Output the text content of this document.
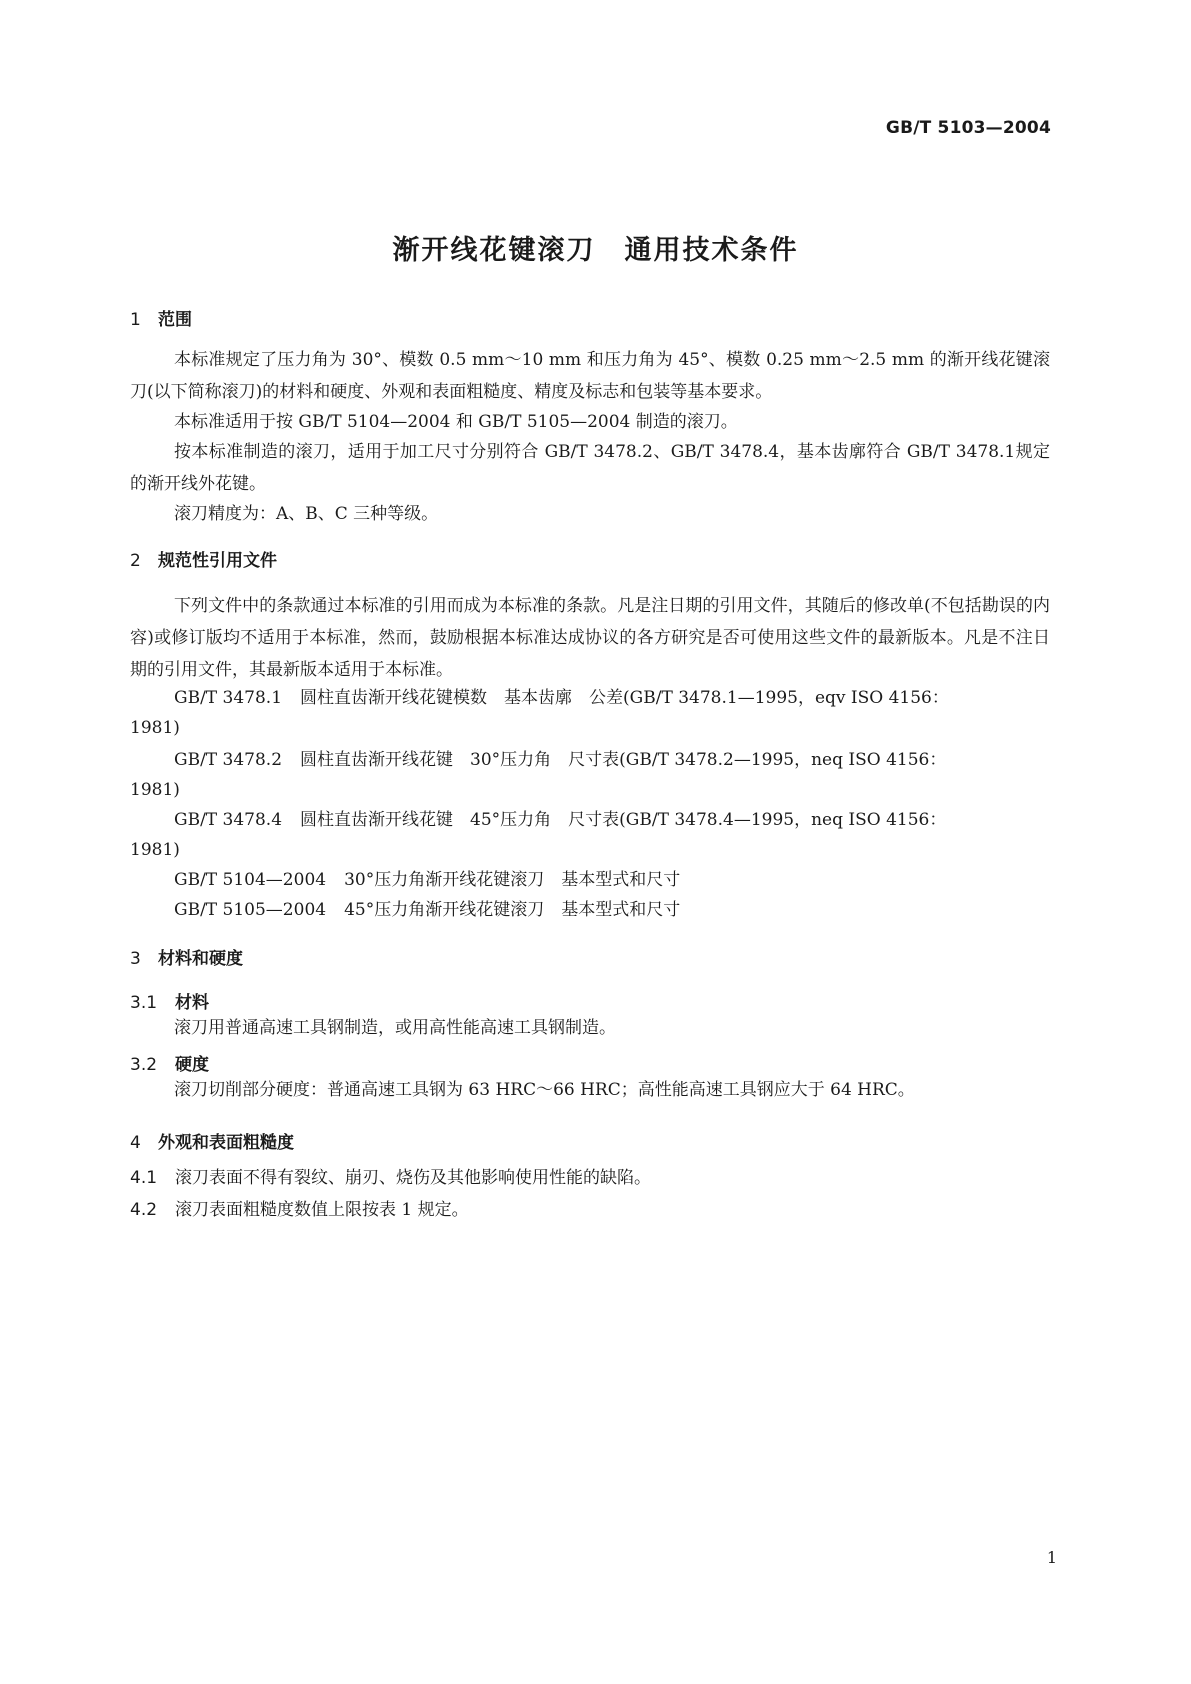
GB/T 5103—2004
渐开线花键滚刀　通用技术条件
1 范围

本标准规定了压力角为 30°、模数 0.5 mm～10 mm 和压力角为 45°、模数 0.25 mm～2.5 mm 的渐开线花键滚刀(以下简称滚刀)的材料和硬度、外观和表面粗糙度、精度及标志和包装等基本要求。

本标准适用于按 GB/T 5104—2004 和 GB/T 5105—2004 制造的滚刀。

按本标准制造的滚刀，适用于加工尺寸分别符合 GB/T 3478.2、GB/T 3478.4，基本齿廓符合 GB/T 3478.1规定的渐开线外花键。

滚刀精度为：A、B、C 三种等级。

2 规范性引用文件

下列文件中的条款通过本标准的引用而成为本标准的条款。凡是注日期的引用文件，其随后的修改单(不包括勘误的内容)或修订版均不适用于本标准，然而，鼓励根据本标准达成协议的各方研究是否可使用这些文件的最新版本。凡是不注日期的引用文件，其最新版本适用于本标准。

GB/T 3478.1 圆柱直齿渐开线花键模数　基本齿廓　公差(GB/T 3478.1—1995，eqv ISO 4156：
1981)
GB/T 3478.2 圆柱直齿渐开线花键　30°压力角　尺寸表(GB/T 3478.2—1995，neq ISO 4156：
1981)
GB/T 3478.4 圆柱直齿渐开线花键　45°压力角　尺寸表(GB/T 3478.4—1995，neq ISO 4156：
1981)
GB/T 5104—2004 30°压力角渐开线花键滚刀　基本型式和尺寸
GB/T 5105—2004 45°压力角渐开线花键滚刀　基本型式和尺寸
3 材料和硬度
3.1 材料
滚刀用普通高速工具钢制造，或用高性能高速工具钢制造。
3.2 硬度
滚刀切削部分硬度：普通高速工具钢为 63 HRC～66 HRC；高性能高速工具钢应大于 64 HRC。
4 外观和表面粗糙度
4.1 滚刀表面不得有裂纹、崩刃、烧伤及其他影响使用性能的缺陷。
4.2 滚刀表面粗糙度数值上限按表 1 规定。
1
